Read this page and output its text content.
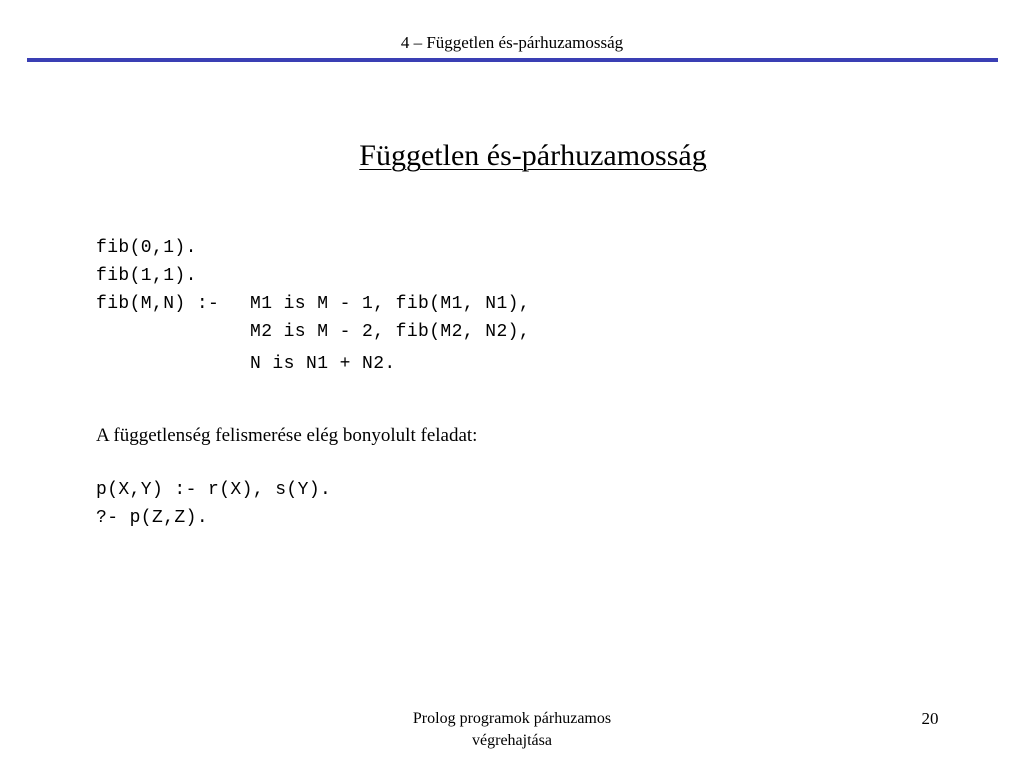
4 – Független és-párhuzamosság
Független és-párhuzamosság
fib(0,1).
fib(1,1).
fib(M,N) :- M1 is M - 1, fib(M1, N1),
M2 is M - 2, fib(M2, N2),
N is N1 + N2.
A függetlenség felismerése elég bonyolult feladat:
p(X,Y) :- r(X), s(Y).
?- p(Z,Z).
Prolog programok párhuzamos
végrehajtása
20
